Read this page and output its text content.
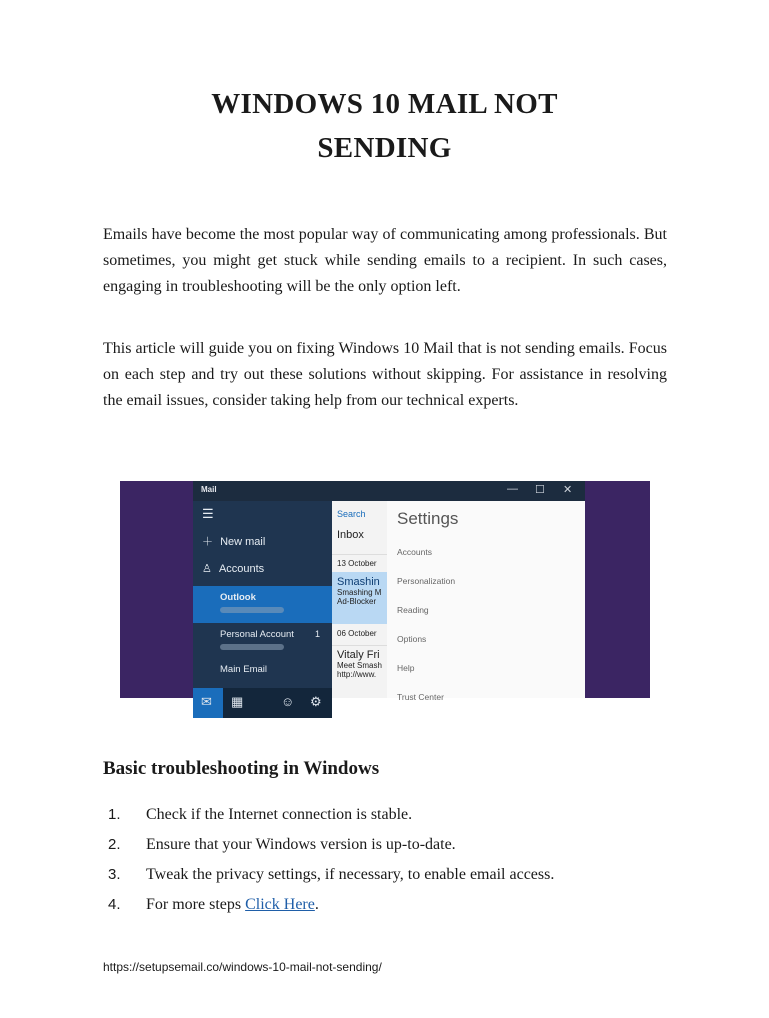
WINDOWS 10 MAIL NOT
SENDING

Emails have become the most popular way of communicating among professionals. But sometimes, you might get stuck while sending emails to a recipient. In such cases, engaging in troubleshooting will be the only option left.

This article will guide you on fixing Windows 10 Mail that is not sending emails. Focus on each step and try out these solutions without skipping. For assistance in resolving the email issues, consider taking help from our technical experts.

Mail	— ☐ ✕
☰
＋ New mail
♙ Accounts
Outlook
Personal Account 1
Main Email
✉ ▦	☺ ⚙
Search
Inbox
13 October
Smashin
Smashing M
Ad-Blocker
06 October
Vitaly Fri
Meet Smash
http://www.
Settings
Accounts
Personalization
Reading
Options
Help
Trust Center
Basic troubleshooting in Windows
1.	Check if the Internet connection is stable.
2.	Ensure that your Windows version is up-to-date.
3.	Tweak the privacy settings, if necessary, to enable email access.
4.	For more steps Click Here.
https://setupsemail.co/windows-10-mail-not-sending/
